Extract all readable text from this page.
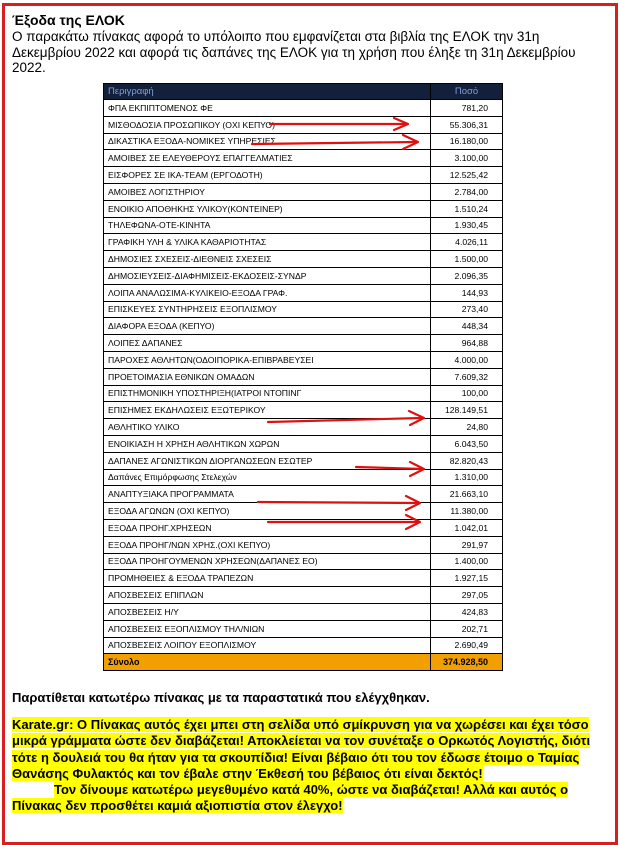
Έξοδα της ΕΛΟΚ
Ο παρακάτω πίνακας αφορά το υπόλοιπο που εμφανίζεται στα βιβλία της ΕΛΟΚ την 31η Δεκεμβρίου 2022 και αφορά τις δαπάνες της ΕΛΟΚ για τη χρήση που έληξε τη 31η Δεκεμβρίου 2022.
Περιγραφή	Ποσό
ΦΠΑ ΕΚΠΙΠΤΟΜΕΝΟΣ ΦΕ	781,20
ΜΙΣΘΟΔΟΣΙΑ ΠΡΟΣΩΠΙΚΟΥ (ΟΧΙ ΚΕΠΥΟ)	55.306,31
ΔΙΚΑΣΤΙΚΑ ΕΞΟΔΑ-ΝΟΜΙΚΕΣ ΥΠΗΡΕΣΙΕΣ	16.180,00
ΑΜΟΙΒΕΣ ΣΕ ΕΛΕΥΘΕΡΟΥΣ ΕΠΑΓΓΕΛΜΑΤΙΕΣ	3.100,00
ΕΙΣΦΟΡΕΣ ΣΕ ΙΚΑ-ΤΕΑΜ (ΕΡΓΟΔΟΤΗ)	12.525,42
ΑΜΟΙΒΕΣ ΛΟΓΙΣΤΗΡΙΟΥ	2.784,00
ΕΝΟΙΚΙΟ ΑΠΟΘΗΚΗΣ ΥΛΙΚΟΥ(ΚΟΝΤΕΙΝΕΡ)	1.510,24
ΤΗΛΕΦΩΝΑ-ΟΤΕ-ΚΙΝΗΤΑ	1.930,45
ΓΡΑΦΙΚΗ ΥΛΗ & ΥΛΙΚΑ ΚΑΘΑΡΙΟΤΗΤΑΣ	4.026,11
ΔΗΜΟΣΙΕΣ ΣΧΕΣΕΙΣ-ΔΙΕΘΝΕΙΣ ΣΧΕΣΕΙΣ	1.500,00
ΔΗΜΟΣΙΕΥΣΕΙΣ-ΔΙΑΦΗΜΙΣΕΙΣ-ΕΚΔΟΣΕΙΣ-ΣΥΝΔΡ	2.096,35
ΛΟΙΠΑ ΑΝΑΛΩΣΙΜΑ-ΚΥΛΙΚΕΙΟ-ΕΞΟΔΑ ΓΡΑΦ.	144,93
ΕΠΙΣΚΕΥΕΣ ΣΥΝΤΗΡΗΣΕΙΣ ΕΞΟΠΛΙΣΜΟΥ	273,40
ΔΙΑΦΟΡΑ ΕΞΟΔΑ (ΚΕΠΥΟ)	448,34
ΛΟΙΠΕΣ ΔΑΠΑΝΕΣ	964,88
ΠΑΡΟΧΕΣ ΑΘΛΗΤΩΝ(ΟΔΟΙΠΟΡΙΚΑ-ΕΠΙΒΡΑΒΕΥΣΕΙ	4.000,00
ΠΡΟΕΤΟΙΜΑΣΙΑ ΕΘΝΙΚΩΝ ΟΜΑΔΩΝ	7.609,32
ΕΠΙΣΤΗΜΟΝΙΚΗ ΥΠΟΣΤΗΡΙΞΗ(ΙΑΤΡΟΙ ΝΤΟΠΙΝΓ	100,00
ΕΠΙΣΗΜΕΣ ΕΚΔΗΛΩΣΕΙΣ ΕΞΩΤΕΡΙΚΟΥ	128.149,51
ΑΘΛΗΤΙΚΟ ΥΛΙΚΟ	24,80
ΕΝΟΙΚΙΑΣΗ Η ΧΡΗΣΗ ΑΘΛΗΤΙΚΩΝ ΧΩΡΩΝ	6.043,50
ΔΑΠΑΝΕΣ ΑΓΩΝΙΣΤΙΚΩΝ ΔΙΟΡΓΑΝΩΣΕΩΝ ΕΣΩΤΕΡ	82.820,43
Δαπάνες Επιμόρφωσης Στελεχών	1.310,00
ΑΝΑΠΤΥΞΙΑΚΑ ΠΡΟΓΡΑΜΜΑΤΑ	21.663,10
ΕΞΟΔΑ ΑΓΩΝΩΝ (ΟΧΙ ΚΕΠΥΟ)	11.380,00
ΕΞΟΔΑ ΠΡΟΗΓ.ΧΡΗΣΕΩΝ	1.042,01
ΕΞΟΔΑ ΠΡΟΗΓ/ΝΩΝ ΧΡΗΣ.(ΟΧΙ ΚΕΠΥΟ)	291,97
ΕΞΟΔΑ ΠΡΟΗΓΟΥΜΕΝΩΝ ΧΡΗΣΕΩΝ(ΔΑΠΑΝΕΣ ΕΟ)	1.400,00
ΠΡΟΜΗΘΕΙΕΣ & ΕΞΟΔΑ ΤΡΑΠΕΖΩΝ	1.927,15
ΑΠΟΣΒΕΣΕΙΣ ΕΠΙΠΛΩΝ	297,05
ΑΠΟΣΒΕΣΕΙΣ Η/Υ	424,83
ΑΠΟΣΒΕΣΕΙΣ ΕΞΟΠΛΙΣΜΟΥ ΤΗΛ/ΝΙΩΝ	202,71
ΑΠΟΣΒΕΣΕΙΣ ΛΟΙΠΟΥ ΕΞΟΠΛΙΣΜΟΥ	2.690,49
Σύνολο	374.928,50
Παρατίθεται κατωτέρω πίνακας με τα παραστατικά που ελέγχθηκαν.
Karate.gr: Ο Πίνακας αυτός έχει μπει στη σελίδα υπό σμίκρυνση για να χωρέσει και έχει τόσο μικρά γράμματα ώστε δεν διαβάζεται! Αποκλείεται να τον συνέταξε ο Ορκωτός Λογιστής, διότι τότε η δουλειά του θα ήταν για τα σκουπίδια! Είναι βέβαιο ότι του τον έδωσε έτοιμο ο Ταμίας Θανάσης Φυλακτός και τον έβαλε στην Έκθεσή του βέβαιος ότι είναι δεκτός!
Τον δίνουμε κατωτέρω μεγεθυμένο κατά 40%, ώστε να διαβάζεται! Αλλά και αυτός ο Πίνακας δεν προσθέτει καμιά αξιοπιστία στον έλεγχο!
